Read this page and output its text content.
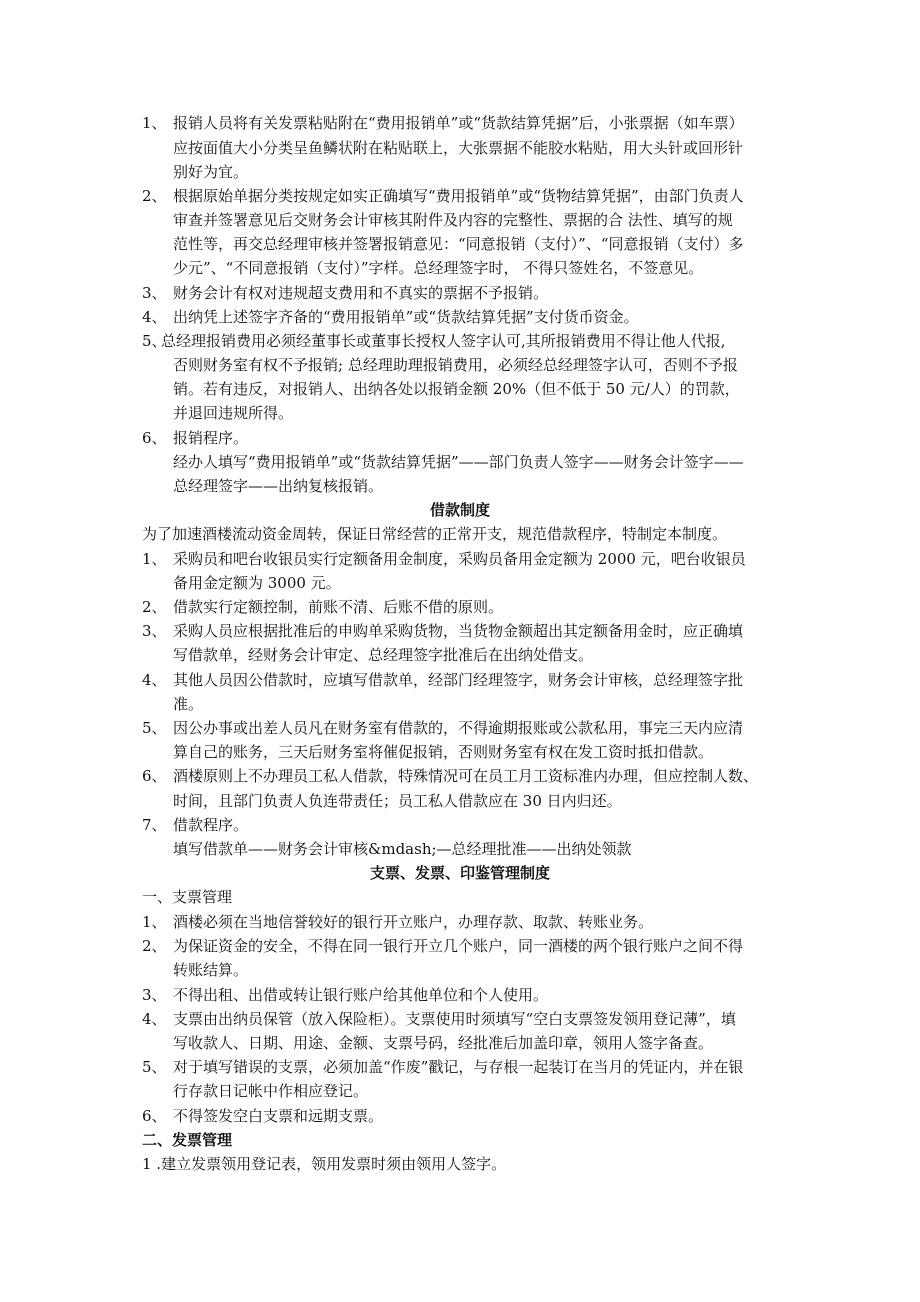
1、 报销人员将有关发票粘贴附在“费用报销单”或“货款结算凭据”后，小张票据（如车票）
应按面值大小分类呈鱼鳞状附在粘贴联上，大张票据不能胶水粘贴，用大头针或回形针
别好为宜。
2、 根据原始单据分类按规定如实正确填写“费用报销单”或“货物结算凭据”，由部门负责人
审查并签署意见后交财务会计审核其附件及内容的完整性、票据的合 法性、填写的规
范性等，再交总经理审核并签署报销意见：“同意报销（支付）”、“同意报销（支付）多
少元”、“不同意报销（支付）”字样。总经理签字时， 不得只签姓名，不签意见。
3、 财务会计有权对违规超支费用和不真实的票据不予报销。
4、 出纳凭上述签字齐备的“费用报销单”或“货款结算凭据”支付货币资金。
5、
总经理报销费用必须经董事长或董事长授权人签字认可,其所报销费用不得让他人代报,
否则财务室有权不予报销; 总经理助理报销费用，必须经总经理签字认可，否则不予报
销。若有违反，对报销人、出纳各处以报销金额 20%（但不低于 50 元/人）的罚款，
并退回违规所得。
6、 报销程序。
经办人填写“费用报销单”或“货款结算凭据”——部门负责人签字——财务会计签字——
总经理签字——出纳复核报销。
借款制度
为了加速酒楼流动资金周转，保证日常经营的正常开支，规范借款程序，特制定本制度。
1、 采购员和吧台收银员实行定额备用金制度，采购员备用金定额为 2000 元，吧台收银员
备用金定额为 3000 元。
2、 借款实行定额控制，前账不清、后账不借的原则。
3、 采购人员应根据批准后的申购单采购货物，当货物金额超出其定额备用金时，应正确填
写借款单，经财务会计审定、总经理签字批准后在出纳处借支。
4、 其他人员因公借款时，应填写借款单，经部门经理签字，财务会计审核，总经理签字批
准。
5、 因公办事或出差人员凡在财务室有借款的，不得逾期报账或公款私用，事完三天内应清
算自己的账务，三天后财务室将催促报销，否则财务室有权在发工资时抵扣借款。
6、 酒楼原则上不办理员工私人借款，特殊情况可在员工月工资标准内办理，但应控制人数、
时间，且部门负责人负连带责任；员工私人借款应在 30 日内归还。
7、 借款程序。
填写借款单——财务会计审核&mdash;—总经理批准——出纳处领款
支票、发票、印鉴管理制度
一、支票管理
1、 酒楼必须在当地信誉较好的银行开立账户，办理存款、取款、转账业务。
2、 为保证资金的安全，不得在同一银行开立几个账户，同一酒楼的两个银行账户之间不得
转账结算。
3、 不得出租、出借或转让银行账户给其他单位和个人使用。
4、 支票由出纳员保管（放入保险柜）。支票使用时须填写“空白支票签发领用登记薄”，填
写收款人、日期、用途、金额、支票号码，经批准后加盖印章，领用人签字备查。
5、 对于填写错误的支票，必须加盖“作废”戳记，与存根一起装订在当月的凭证内，并在银
行存款日记帐中作相应登记。
6、 不得签发空白支票和远期支票。
二、发票管理
1 .建立发票领用登记表，领用发票时须由领用人签字。
